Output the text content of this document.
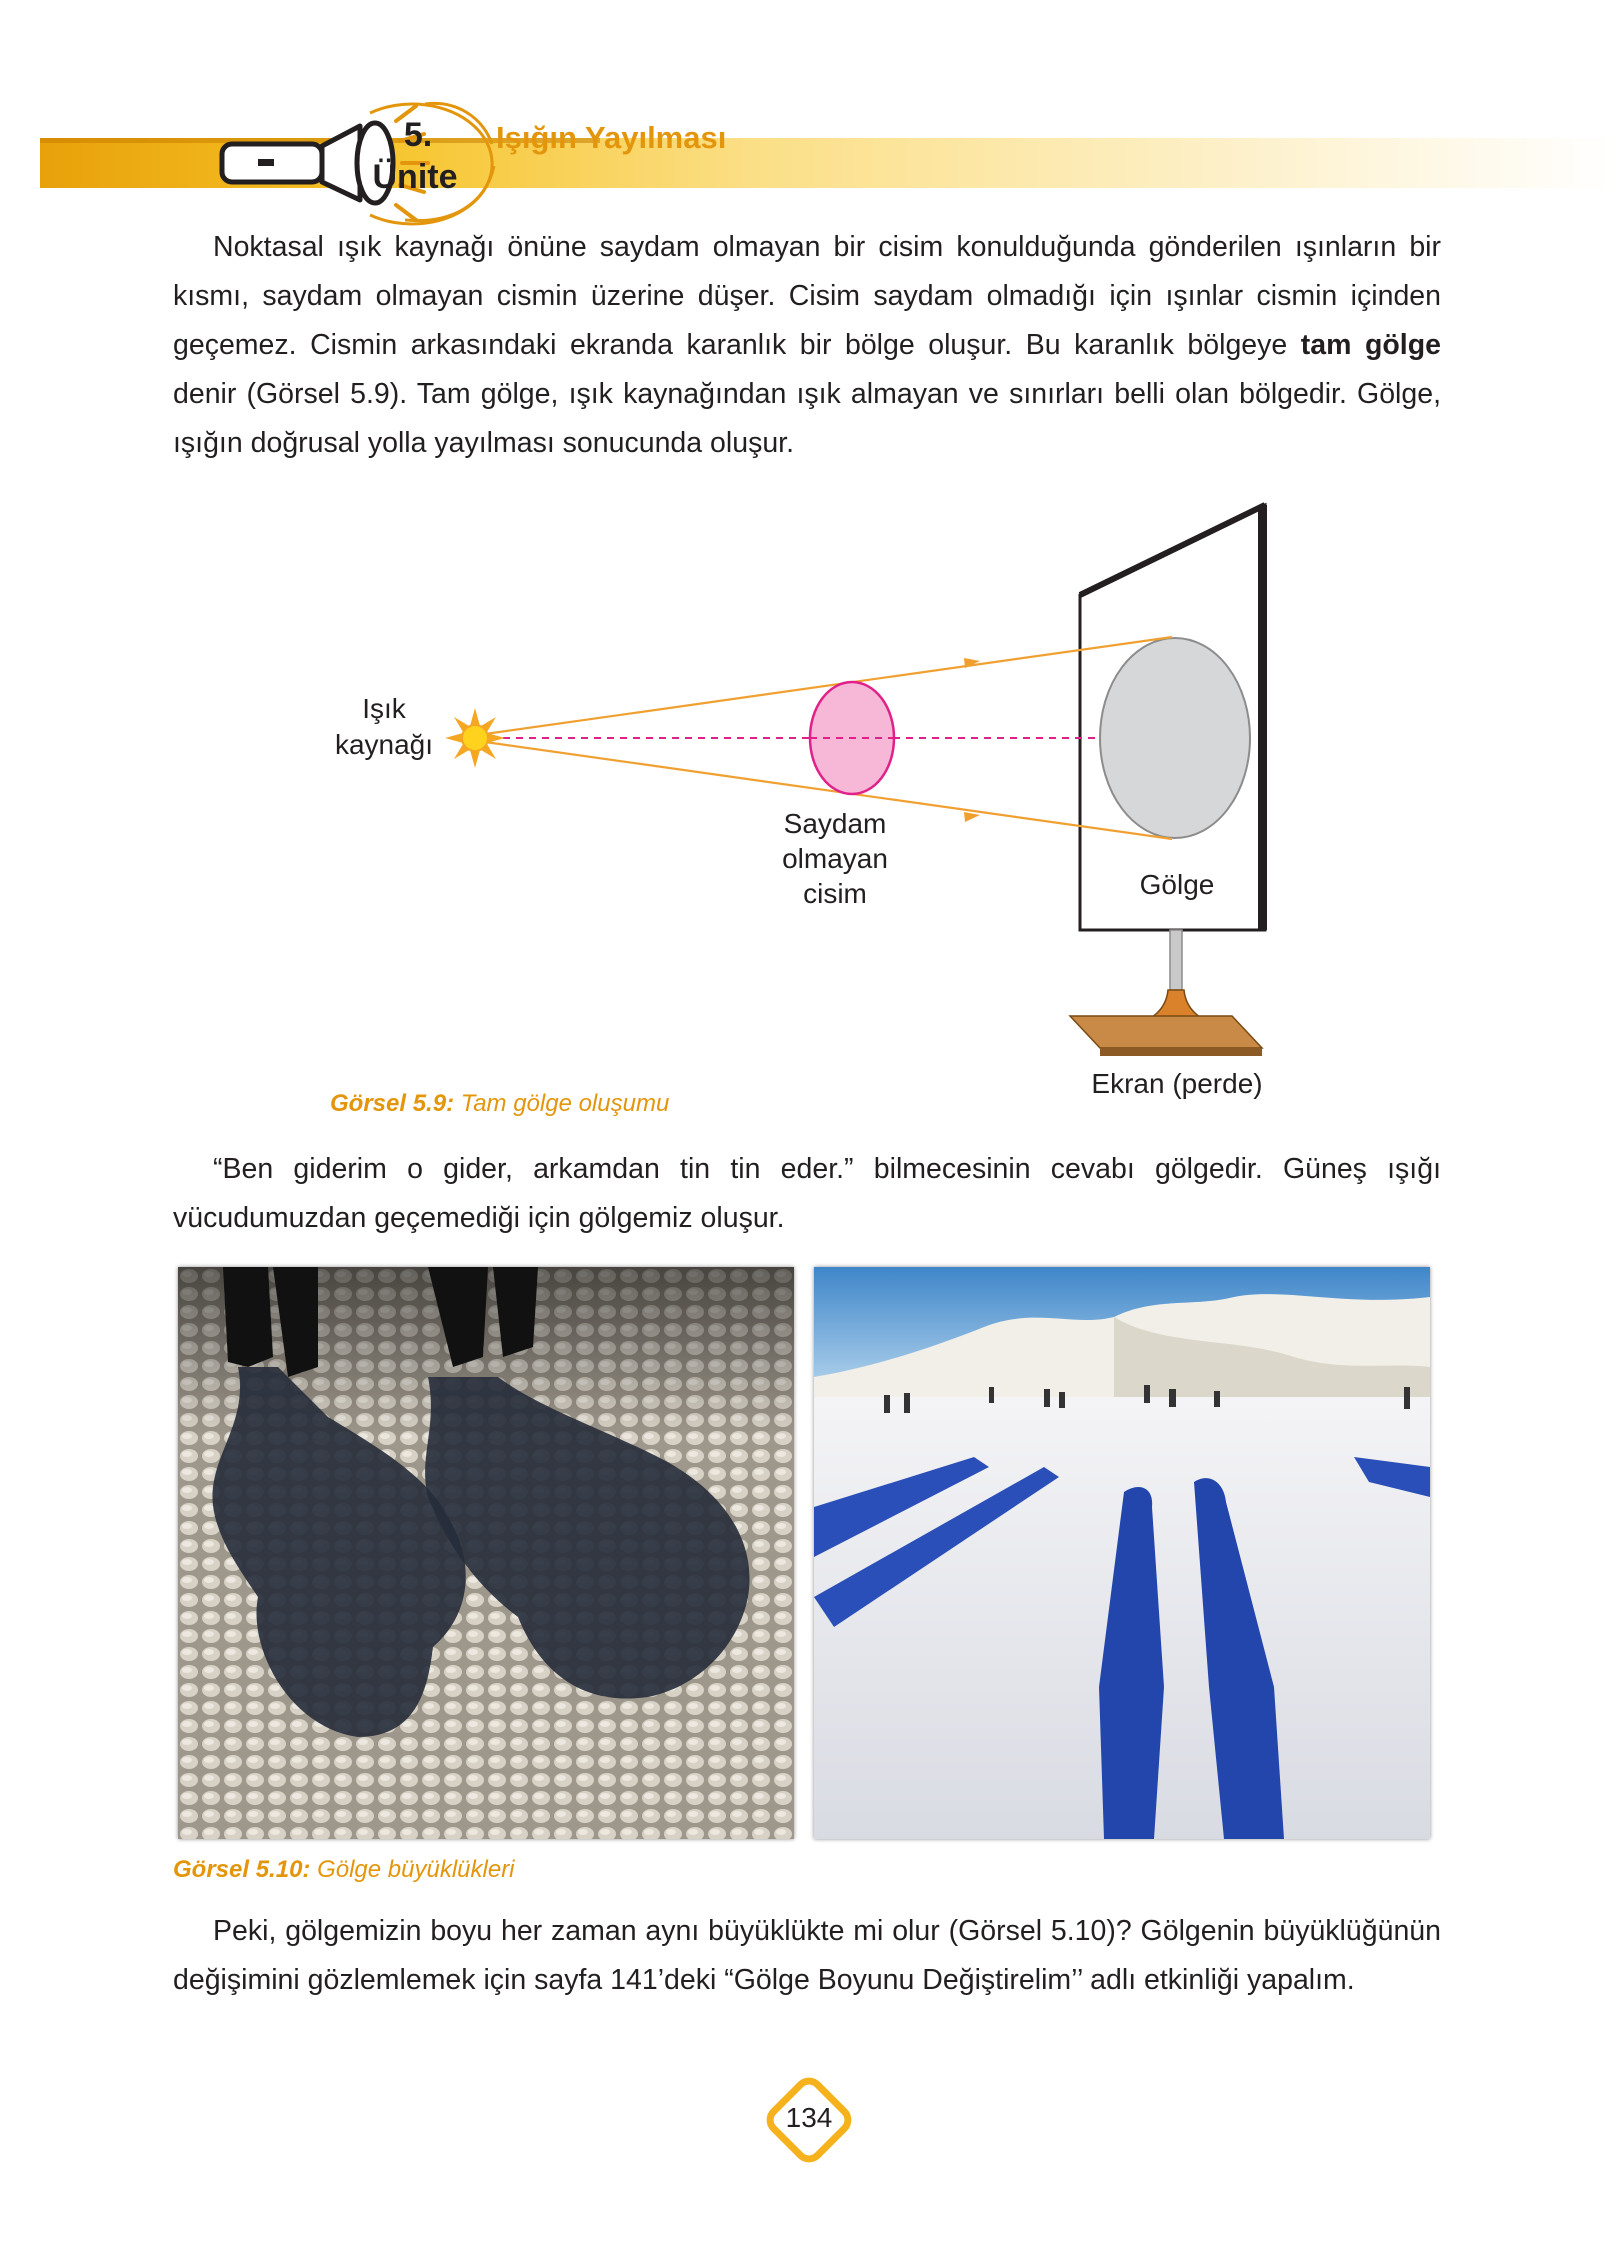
5.
Ünite
Işığın Yayılması

Noktasal ışık kaynağı önüne saydam olmayan bir cisim konulduğunda gönderilen ışınların bir kısmı, saydam olmayan cismin üzerine düşer. Cisim saydam olmadığı için ışınlar cismin içinden geçemez. Cismin arkasındaki ekranda karanlık bir bölge oluşur. Bu karanlık bölgeye tam gölge denir (Görsel 5.9). Tam gölge, ışık kaynağından ışık almayan ve sınırları belli olan bölgedir. Gölge, ışığın doğrusal yolla yayılması sonucunda oluşur.

Işık
kaynağı
Saydam
olmayan
cisim	Gölge
Ekran (perde)
Görsel 5.9: Tam gölge oluşumu

“Ben giderim o gider, arkamdan tin tin eder.” bilmecesinin cevabı gölgedir. Güneş ışığı vücudumuzdan geçemediği için gölgemiz oluşur.

Görsel 5.10: Gölge büyüklükleri

Peki, gölgemizin boyu her zaman aynı büyüklükte mi olur (Görsel 5.10)? Gölgenin büyüklüğünün değişimini gözlemlemek için sayfa 141’deki “Gölge Boyunu Değiştirelim’’ adlı etkinliği yapalım.

134
